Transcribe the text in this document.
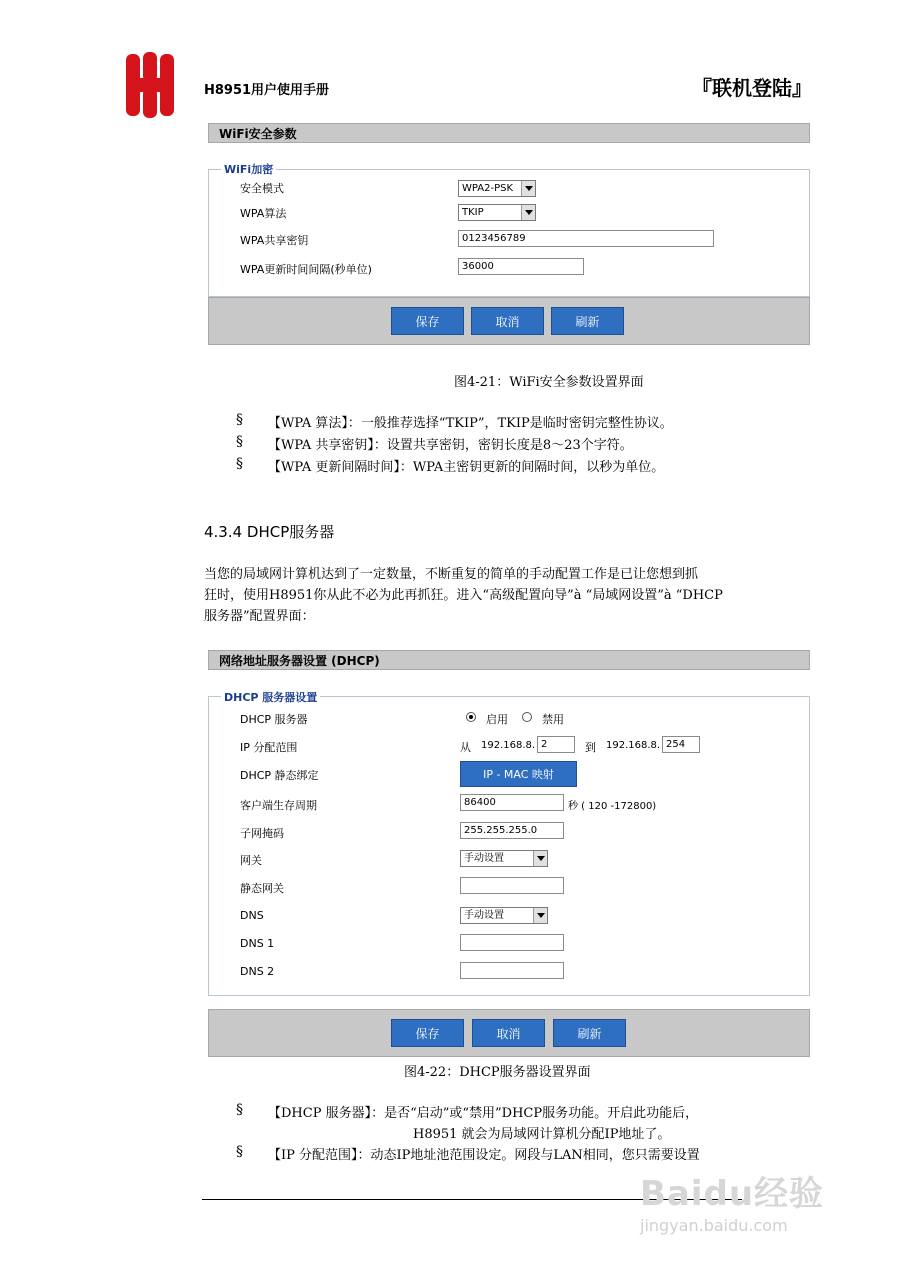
H8951用户使用手册	『联机登陆』
WiFi安全参数
WiFi加密
安全模式	WPA2-PSK
WPA算法	TKIP
WPA共享密钥	0123456789
WPA更新时间间隔(秒单位)	36000
保存	取消	刷新
图4-21：WiFi安全参数设置界面
§ 【WPA 算法】：一般推荐选择“TKIP”，TKIP是临时密钥完整性协议。
§ 【WPA 共享密钥】：设置共享密钥，密钥长度是8～23个字符。
§ 【WPA 更新间隔时间】：WPA主密钥更新的间隔时间，以秒为单位。
4.3.4 DHCP服务器
当您的局域网计算机达到了一定数量，不断重复的简单的手动配置工作是已让您想到抓
狂时，使用H8951你从此不必为此再抓狂。进入“高级配置向导”à “局域网设置”à “DHCP
服务器”配置界面：
网络地址服务器设置 (DHCP)
DHCP 服务器设置
DHCP 服务器	启用	禁用
IP 分配范围	从 192.168.8. 2	到 192.168.8. 254
DHCP 静态绑定	IP - MAC 映射
客户端生存周期	86400	秒 ( 120 -172800)
子网掩码	255.255.255.0
网关	手动设置
静态网关
DNS	手动设置
DNS 1
DNS 2
保存	取消	刷新
图4-22：DHCP服务器设置界面
§ 【DHCP 服务器】：是否“启动”或“禁用”DHCP服务功能。开启此功能后，
H8951 就会为局域网计算机分配IP地址了。
§ 【IP 分配范围】：动态IP地址池范围设定。网段与LAN相同，您只需要设置
Baidu经验
jingyan.baidu.com
